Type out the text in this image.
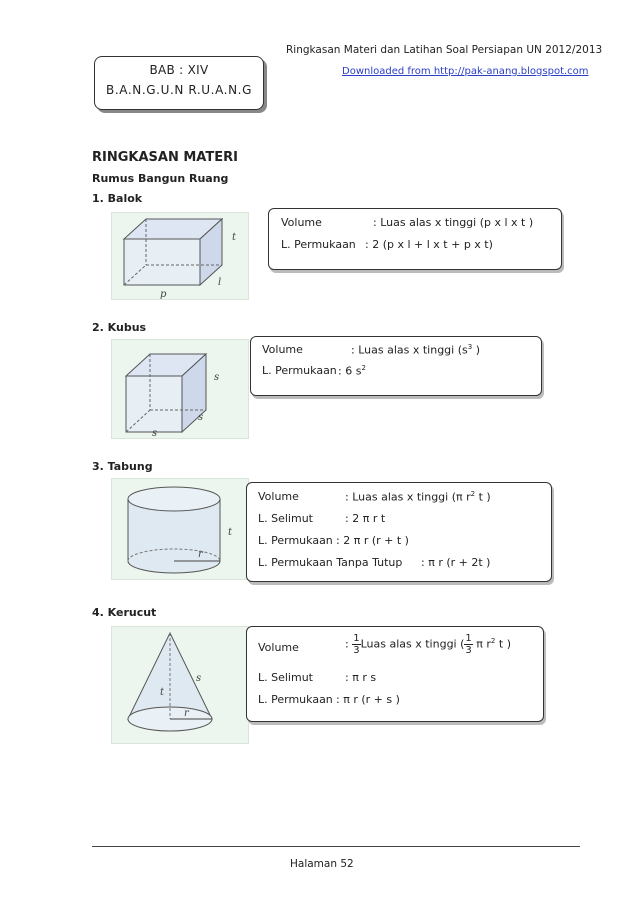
Ringkasan Materi dan Latihan Soal Persiapan UN 2012/2013
Downloaded from http://pak-anang.blogspot.com
BAB : XIV
B.A.N.G.U.N R.U.A.N.G
RINGKASAN MATERI
Rumus Bangun Ruang
1. Balok
t
l
p
Volume	: Luas alas x tinggi (p x l x t )
L. Permukaan : 2 (p x l + l x t + p x t)
2. Kubus
s
s
s
Volume	: Luas alas x tinggi ($s^3$ )
L. Permukaan : 6 $s^2$
3. Tabung
r
t
Volume	: Luas alas x tinggi (π $r^2$ t )
L. Selimut	: 2 π r t
L. Permukaan : 2 π r (r + t )
L. Permukaan Tanpa Tutup : π r (r + 2t )
4. Kerucut
t
r
s
Volume	: $\frac{1}{3}$ Luas alas x tinggi ( $\frac{1}{3}$ π $r^2$ t )
L. Selimut	: π r s
L. Permukaan : π r (r + s )
Halaman 52
